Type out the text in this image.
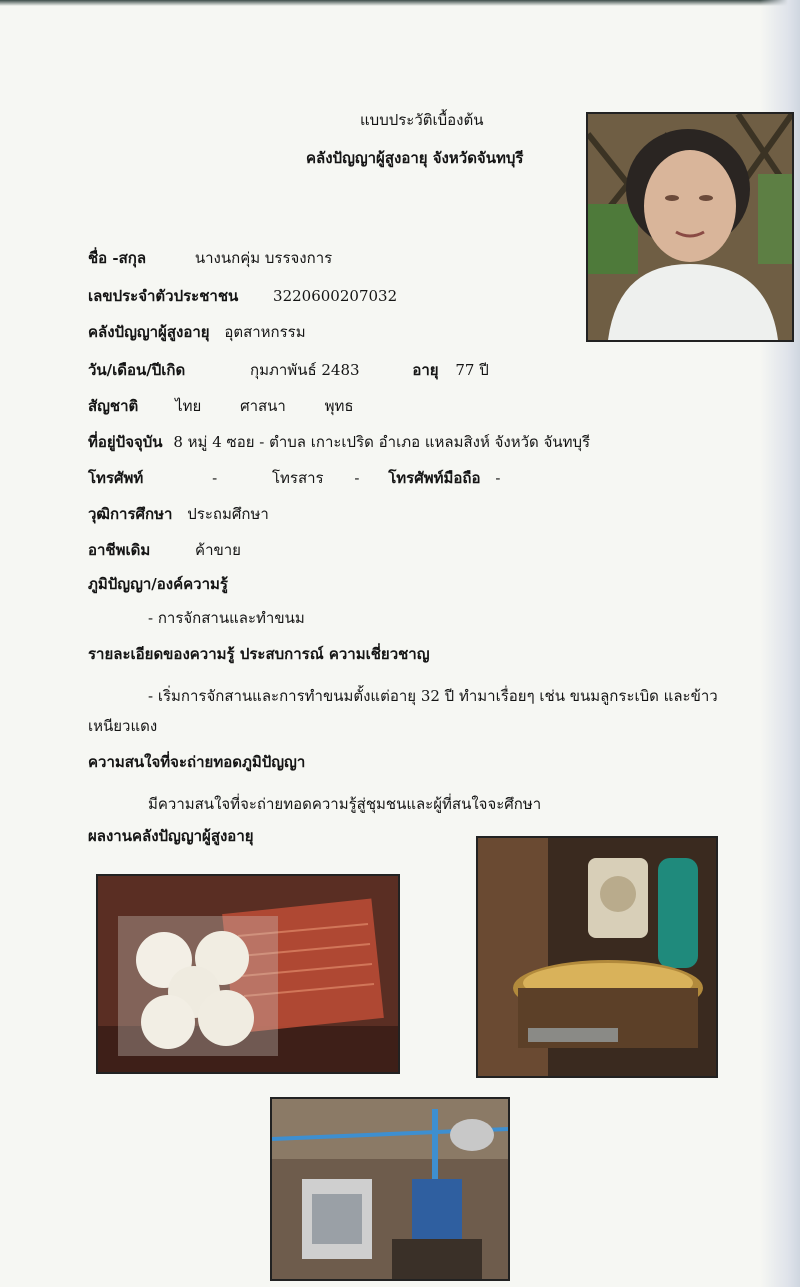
แบบประวัติเบื้องต้น
คลังปัญญาผู้สูงอายุ จังหวัดจันทบุรี
ชื่อ -สกุล	นางนกคุ่ม บรรจงการ
เลขประจำตัวประชาชน 3220600207032
คลังปัญญาผู้สูงอายุ อุตสาหกรรม
วัน/เดือน/ปีเกิด	กุมภาพันธ์ 2483	อายุ 77 ปี
สัญชาติ ไทย	ศาสนา	พุทธ
ที่อยู่ปัจจุบัน 8 หมู่ 4 ซอย - ตำบล เกาะเปริด อำเภอ แหลมสิงห์ จังหวัด จันทบุรี
โทรศัพท์	-	โทรสาร - โทรศัพท์มือถือ -
วุฒิการศึกษา ประถมศึกษา
อาชีพเดิม	ค้าขาย
ภูมิปัญญา/องค์ความรู้
- การจักสานและทำขนม
รายละเอียดของความรู้ ประสบการณ์ ความเชี่ยวชาญ
- เริ่มการจักสานและการทำขนมตั้งแต่อายุ 32 ปี ทำมาเรื่อยๆ เช่น ขนมลูกระเบิด และข้าว
เหนียวแดง
ความสนใจที่จะถ่ายทอดภูมิปัญญา
มีความสนใจที่จะถ่ายทอดความรู้สู่ชุมชนและผู้ที่สนใจจะศึกษา
ผลงานคลังปัญญาผู้สูงอายุ
